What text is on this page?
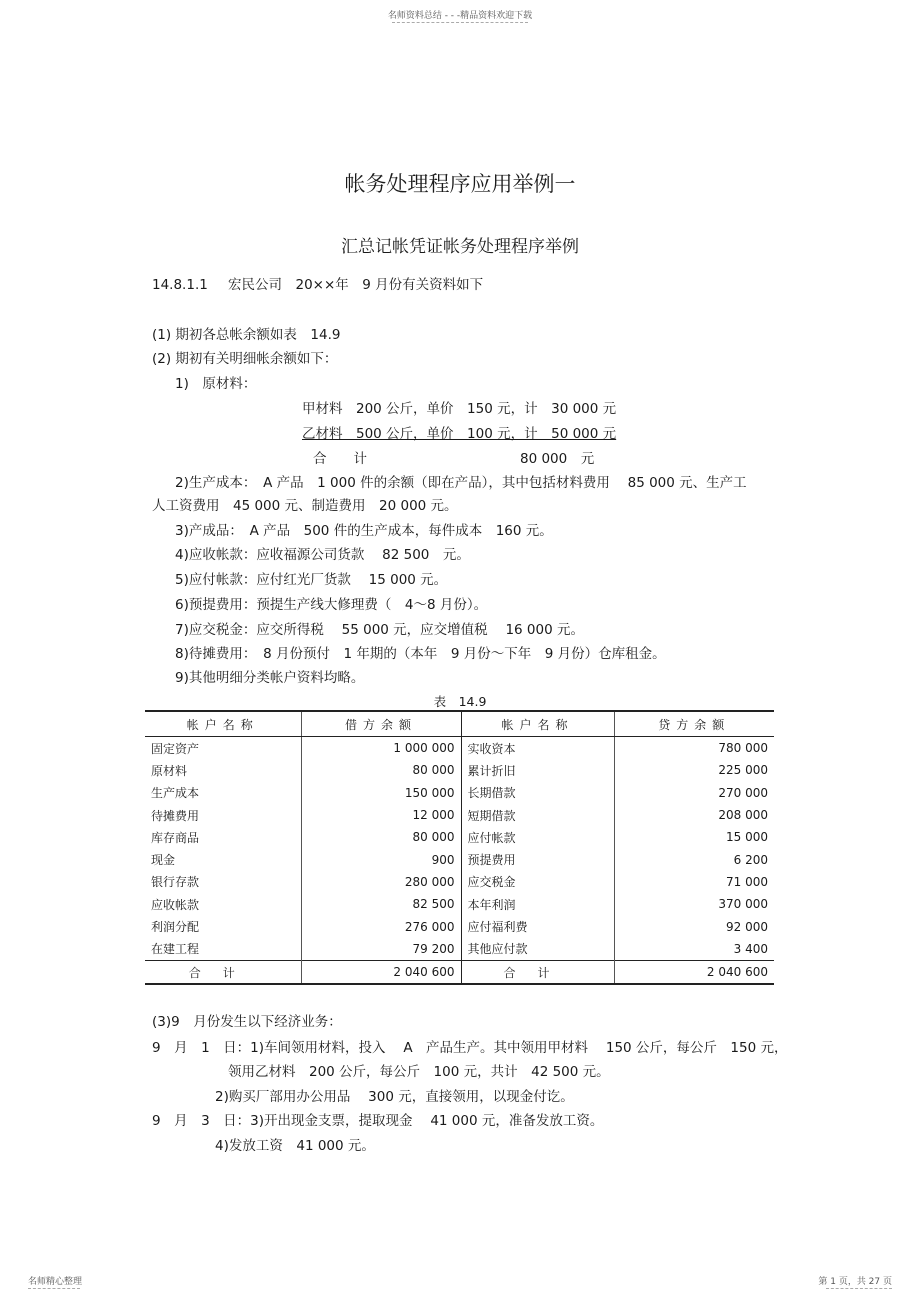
名师资料总结 - - -精品资料欢迎下载
帐务处理程序应用举例一
汇总记帐凭证帐务处理程序举例
14.8.1.1 宏民公司　20××年　9 月份有关资料如下
(1) 期初各总帐余额如表　14.9
(2) 期初有关明细帐余额如下：
1)　原材料：
甲材料　200 公斤，单价　150 元，计　30 000 元
乙材料　500 公斤，单价　100 元，计　50 000 元
合　　计	80 000　元
2)生产成本：　A 产品　1 000 件的余额（即在产品），其中包括材料费用　 85 000 元、生产工
人工资费用　45 000 元、制造费用　20 000 元。
3)产成品：　A 产品　500 件的生产成本，每件成本　160 元。
4)应收帐款：应收福源公司货款　 82 500　元。
5)应付帐款：应付红光厂货款　 15 000 元。
6)预提费用：预提生产线大修理费（　4～8 月份）。
7)应交税金：应交所得税　 55 000 元，应交增值税　 16 000 元。
8)待摊费用：　8 月份预付　1 年期的（本年　9 月份～下年　9 月份）仓库租金。
9)其他明细分类帐户资料均略。
表　14.9
帐户名称	借方余额	帐户名称	贷方余额
固定资产	1 000 000	实收资本	780 000
原材料	80 000	累计折旧	225 000
生产成本	150 000	长期借款	270 000
待摊费用	12 000	短期借款	208 000
库存商品	80 000	应付帐款	15 000
现金	900	预提费用	6 200
银行存款	280 000	应交税金	71 000
应收帐款	82 500	本年利润	370 000
利润分配	276 000	应付福利费	92 000
在建工程	79 200	其他应付款	3 400
合计	2 040 600	合计	2 040 600
(3)9　月份发生以下经济业务：
9　月　1　日：1)车间领用材料，投入　 A　产品生产。其中领用甲材料　 150 公斤，每公斤　150 元，
领用乙材料　200 公斤，每公斤　100 元，共计　42 500 元。
2)购买厂部用办公用品　 300 元，直接领用，以现金付讫。
9　月　3　日：3)开出现金支票，提取现金　 41 000 元，准备发放工资。
4)发放工资　41 000 元。
名师精心整理	第 1 页，共 27 页
